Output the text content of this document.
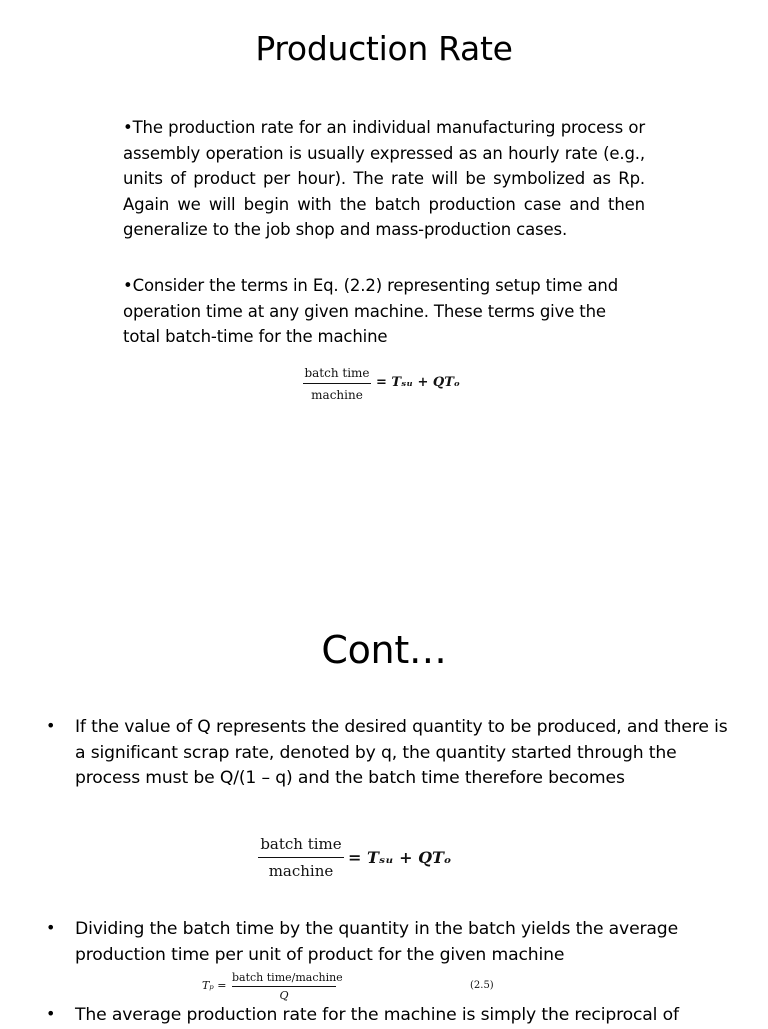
Production Rate

•The production rate for an individual manufacturing process or assembly operation is usually expressed as an hourly rate (e.g., units of product per hour). The rate will be symbolized as Rp. Again we will begin with the batch production case and then generalize to the job shop and mass-production cases.

•Consider the terms in Eq. (2.2) representing setup time and operation time at any given machine. These terms give the total batch-time for the machine

batch time
machine
= Tₛᵤ + QTₒ
Cont…
• If the value of Q represents the desired quantity to be produced, and there is a significant scrap rate, denoted by q, the quantity started through the process must be Q/(1 – q) and the batch time therefore becomes

batch time
machine
= Tₛᵤ + QTₒ
• Dividing the batch time by the quantity in the batch yields the average production time per unit of product for the given machine

Tₚ =
batch time/machine
Q
(2.5)
• The average production rate for the machine is simply the reciprocal of
